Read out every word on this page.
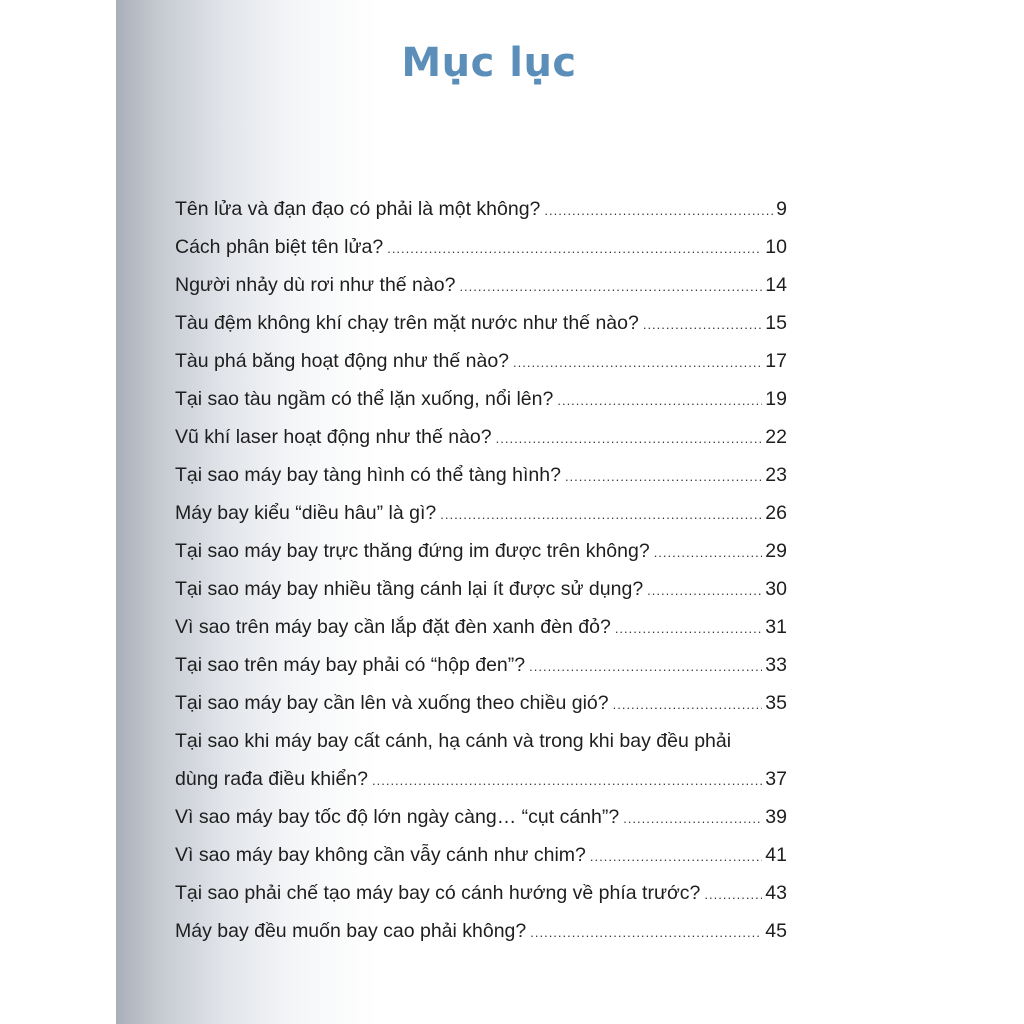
Mục lục
Tên lửa và đạn đạo có phải là một không? .....	9
Cách phân biệt tên lửa? .....	10
Người nhảy dù rơi như thế nào? .....	14
Tàu đệm không khí chạy trên mặt nước như thế nào? .....	15
Tàu phá băng hoạt động như thế nào? .....	17
Tại sao tàu ngầm có thể lặn xuống, nổi lên? .....	19
Vũ khí laser hoạt động như thế nào? .....	22
Tại sao máy bay tàng hình có thể tàng hình? .....	23
Máy bay kiểu “diều hâu” là gì? .....	26
Tại sao máy bay trực thăng đứng im được trên không? .....	29
Tại sao máy bay nhiều tầng cánh lại ít được sử dụng? .....	30
Vì sao trên máy bay cần lắp đặt đèn xanh đèn đỏ? .....	31
Tại sao trên máy bay phải có “hộp đen”? .....	33
Tại sao máy bay cần lên và xuống theo chiều gió? .....	35
Tại sao khi máy bay cất cánh, hạ cánh và trong khi bay đều phải
dùng rađa điều khiển? .....	37
Vì sao máy bay tốc độ lớn ngày càng… “cụt cánh”? .....	39
Vì sao máy bay không cần vẫy cánh như chim? .....	41
Tại sao phải chế tạo máy bay có cánh hướng về phía trước? .....	43
Máy bay đều muốn bay cao phải không? .....	45
